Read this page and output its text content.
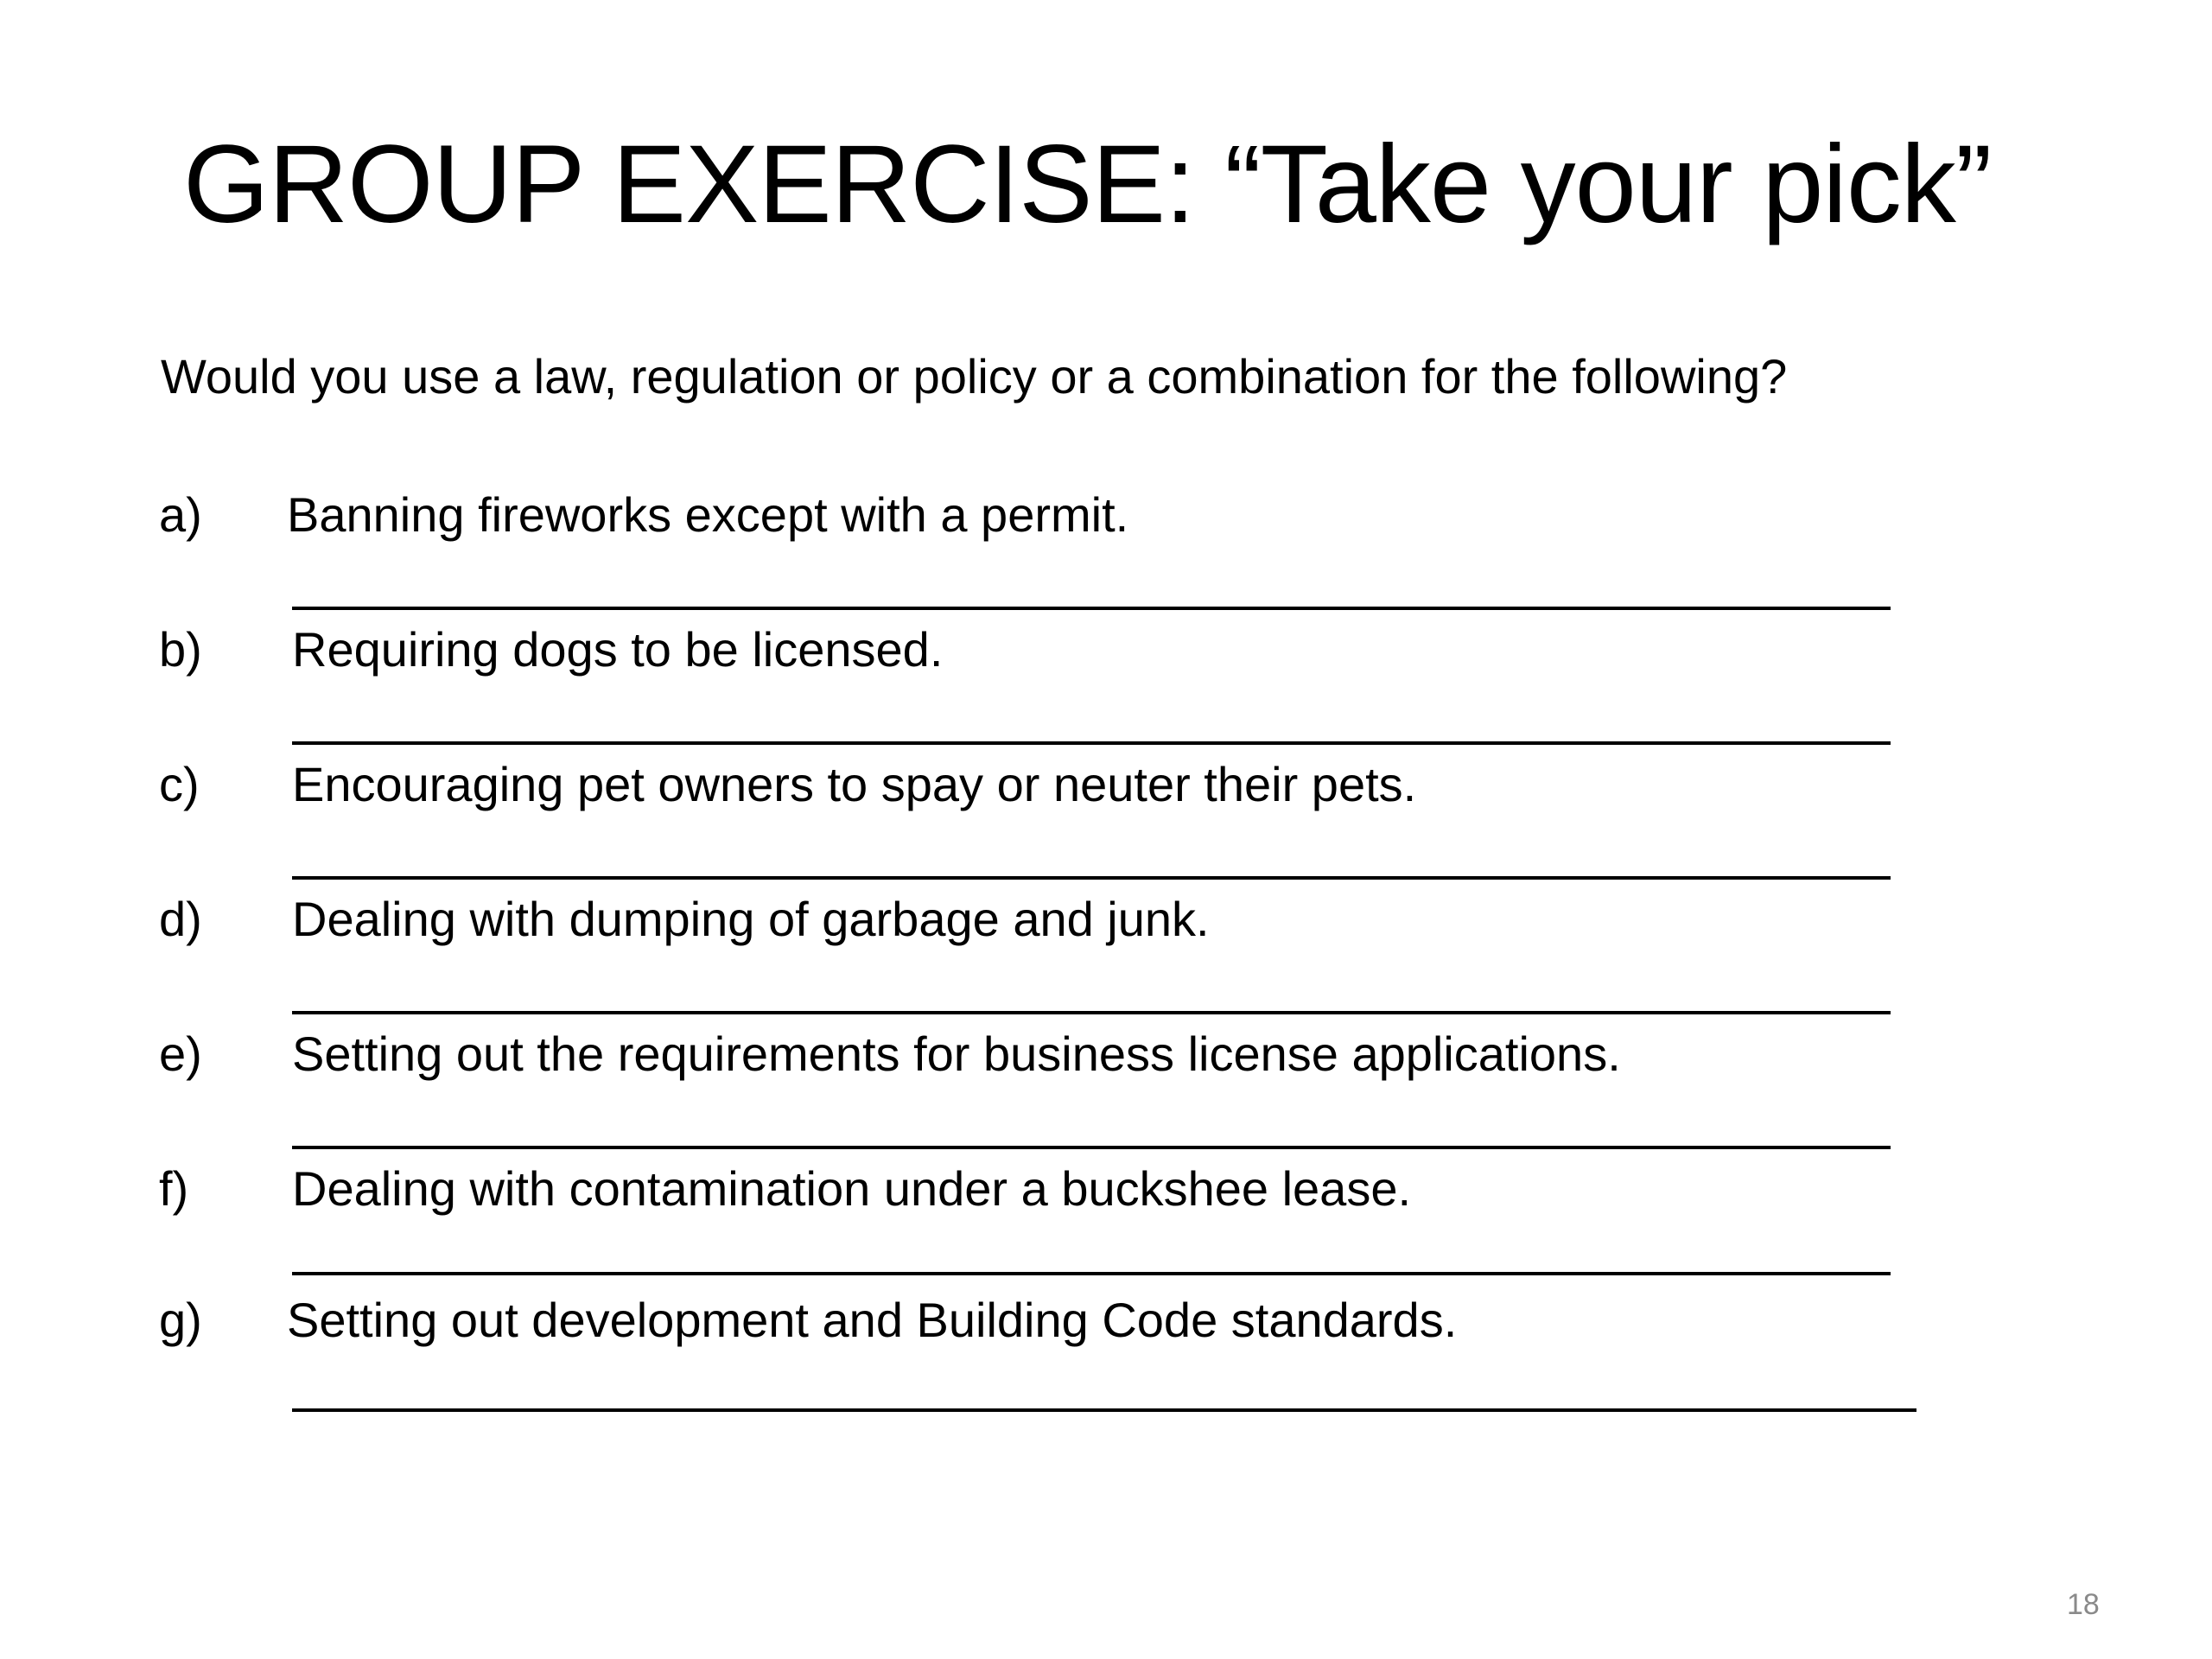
GROUP EXERCISE: “Take your pick”

Would you use a law, regulation or policy or a combination for the following?

a) Banning fireworks except with a permit.
b) Requiring dogs to be licensed.
c) Encouraging pet owners to spay or neuter their pets.
d) Dealing with dumping of garbage and junk.
e) Setting out the requirements for business license applications.
f) Dealing with contamination under a buckshee lease.
g) Setting out development and Building Code standards.
18
